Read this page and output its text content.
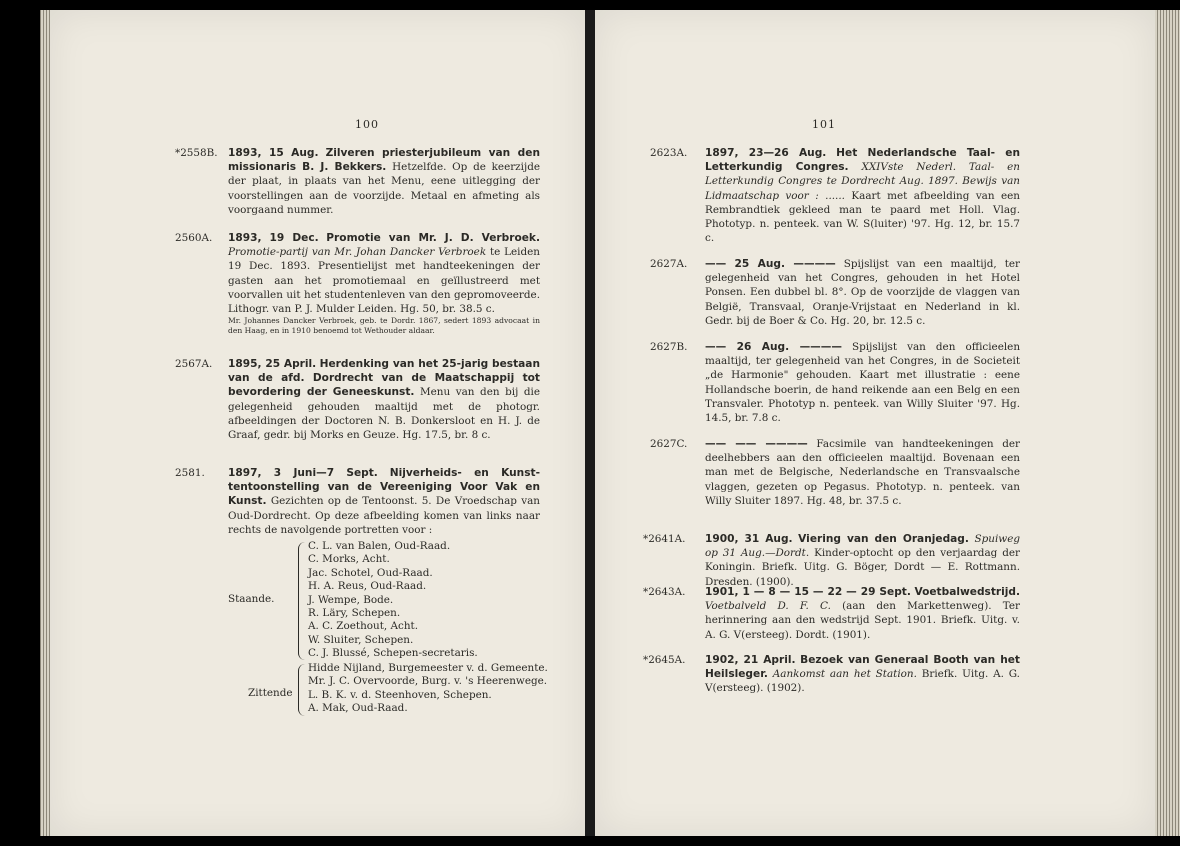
100
*2558B. 1893, 15 Aug. Zilveren priesterjubileum van den missionaris B. J. Bekkers. Hetzelfde. Op de keerzijde der plaat, in plaats van het Menu, eene uitlegging der voorstellingen aan de voorzijde. Metaal en afmeting als voorgaand nummer.
2560A.	1893, 19 Dec. Promotie van Mr. J. D. Verbroek. Promotie-partij van Mr. Johan Dancker Verbroek te Leiden 19 Dec. 1893. Presentielijst met handteekeningen der gasten aan het promotiemaal en geïllustreerd met voorvallen uit het studentenleven van den gepromoveerde. Lithogr. van P. J. Mulder Leiden. Hg. 50, br. 38.5 c.
Mr. Johannes Dancker Verbroek, geb. te Dordr. 1867, sedert 1893 advocaat in den Haag, en in 1910 benoemd tot Wethouder aldaar.
2567A.	1895, 25 April. Herdenking van het 25-jarig bestaan van de afd. Dordrecht van de Maatschappij tot bevordering der Geneeskunst. Menu van den bij die gelegenheid gehouden maaltijd met de photogr. afbeeldingen der Doctoren N. B. Donkersloot en H. J. de Graaf, gedr. bij Morks en Geuze. Hg. 17.5, br. 8 c.
2581.	1897, 3 Juni—7 Sept. Nijverheids- en Kunst-tentoonstelling van de Vereeniging Voor Vak en Kunst. Gezichten op de Tentoonst. 5. De Vroedschap van Oud-Dordrecht. Op deze afbeelding komen van links naar rechts de navolgende portretten voor :
Staande.
C. L. van Balen, Oud-Raad.
C. Morks, Acht.
Jac. Schotel, Oud-Raad.
H. A. Reus, Oud-Raad.
J. Wempe, Bode.
R. Läry, Schepen.
A. C. Zoethout, Acht.
W. Sluiter, Schepen.
C. J. Blussé, Schepen-secretaris.
Zittende
Hidde Nijland, Burgemeester v. d. Gemeente.
Mr. J. C. Overvoorde, Burg. v. 's Heerenwege.
L. B. K. v. d. Steenhoven, Schepen.
A. Mak, Oud-Raad.
101
2623A.	1897, 23—26 Aug. Het Nederlandsche Taal- en Letterkundig Congres. XXIVste Nederl. Taal- en Letterkundig Congres te Dordrecht Aug. 1897. Bewijs van Lidmaatschap voor : ...... Kaart met afbeelding van een Rembrandtiek gekleed man te paard met Holl. Vlag. Phototyp. n. penteek. van W. S(luiter) '97. Hg. 12, br. 15.7 c.
2627A.	—— 25 Aug. ———— Spijslijst van een maaltijd, ter gelegenheid van het Congres, gehouden in het Hotel Ponsen. Een dubbel bl. 8°. Op de voorzijde de vlaggen van België, Transvaal, Oranje-Vrijstaat en Nederland in kl. Gedr. bij de Boer & Co. Hg. 20, br. 12.5 c.
2627B.	—— 26 Aug. ———— Spijslijst van den officieelen maaltijd, ter gelegenheid van het Congres, in de Societeit „de Harmonie" gehouden. Kaart met illustratie : eene Hollandsche boerin, de hand reikende aan een Belg en een Transvaler. Phototyp n. penteek. van Willy Sluiter '97. Hg. 14.5, br. 7.8 c.
2627C.	—— —— ———— Facsimile van handteekeningen der deelhebbers aan den officieelen maaltijd. Bovenaan een man met de Belgische, Nederlandsche en Transvaalsche vlaggen, gezeten op Pegasus. Phototyp. n. penteek. van Willy Sluiter 1897. Hg. 48, br. 37.5 c.
*2641A.	1900, 31 Aug. Viering van den Oranjedag. Spuiweg op 31 Aug.—Dordt. Kinder-optocht op den verjaardag der Koningin. Briefk. Uitg. G. Böger, Dordt — E. Rottmann. Dresden. (1900).
*2643A.	1901, 1 — 8 — 15 — 22 — 29 Sept. Voetbalwedstrijd. Voetbalveld D. F. C. (aan den Markettenweg). Ter herinnering aan den wedstrijd Sept. 1901. Briefk. Uitg. v. A. G. V(ersteeg). Dordt. (1901).
*2645A.	1902, 21 April. Bezoek van Generaal Booth van het Heilsleger. Aankomst aan het Station. Briefk. Uitg. A. G. V(ersteeg). (1902).
